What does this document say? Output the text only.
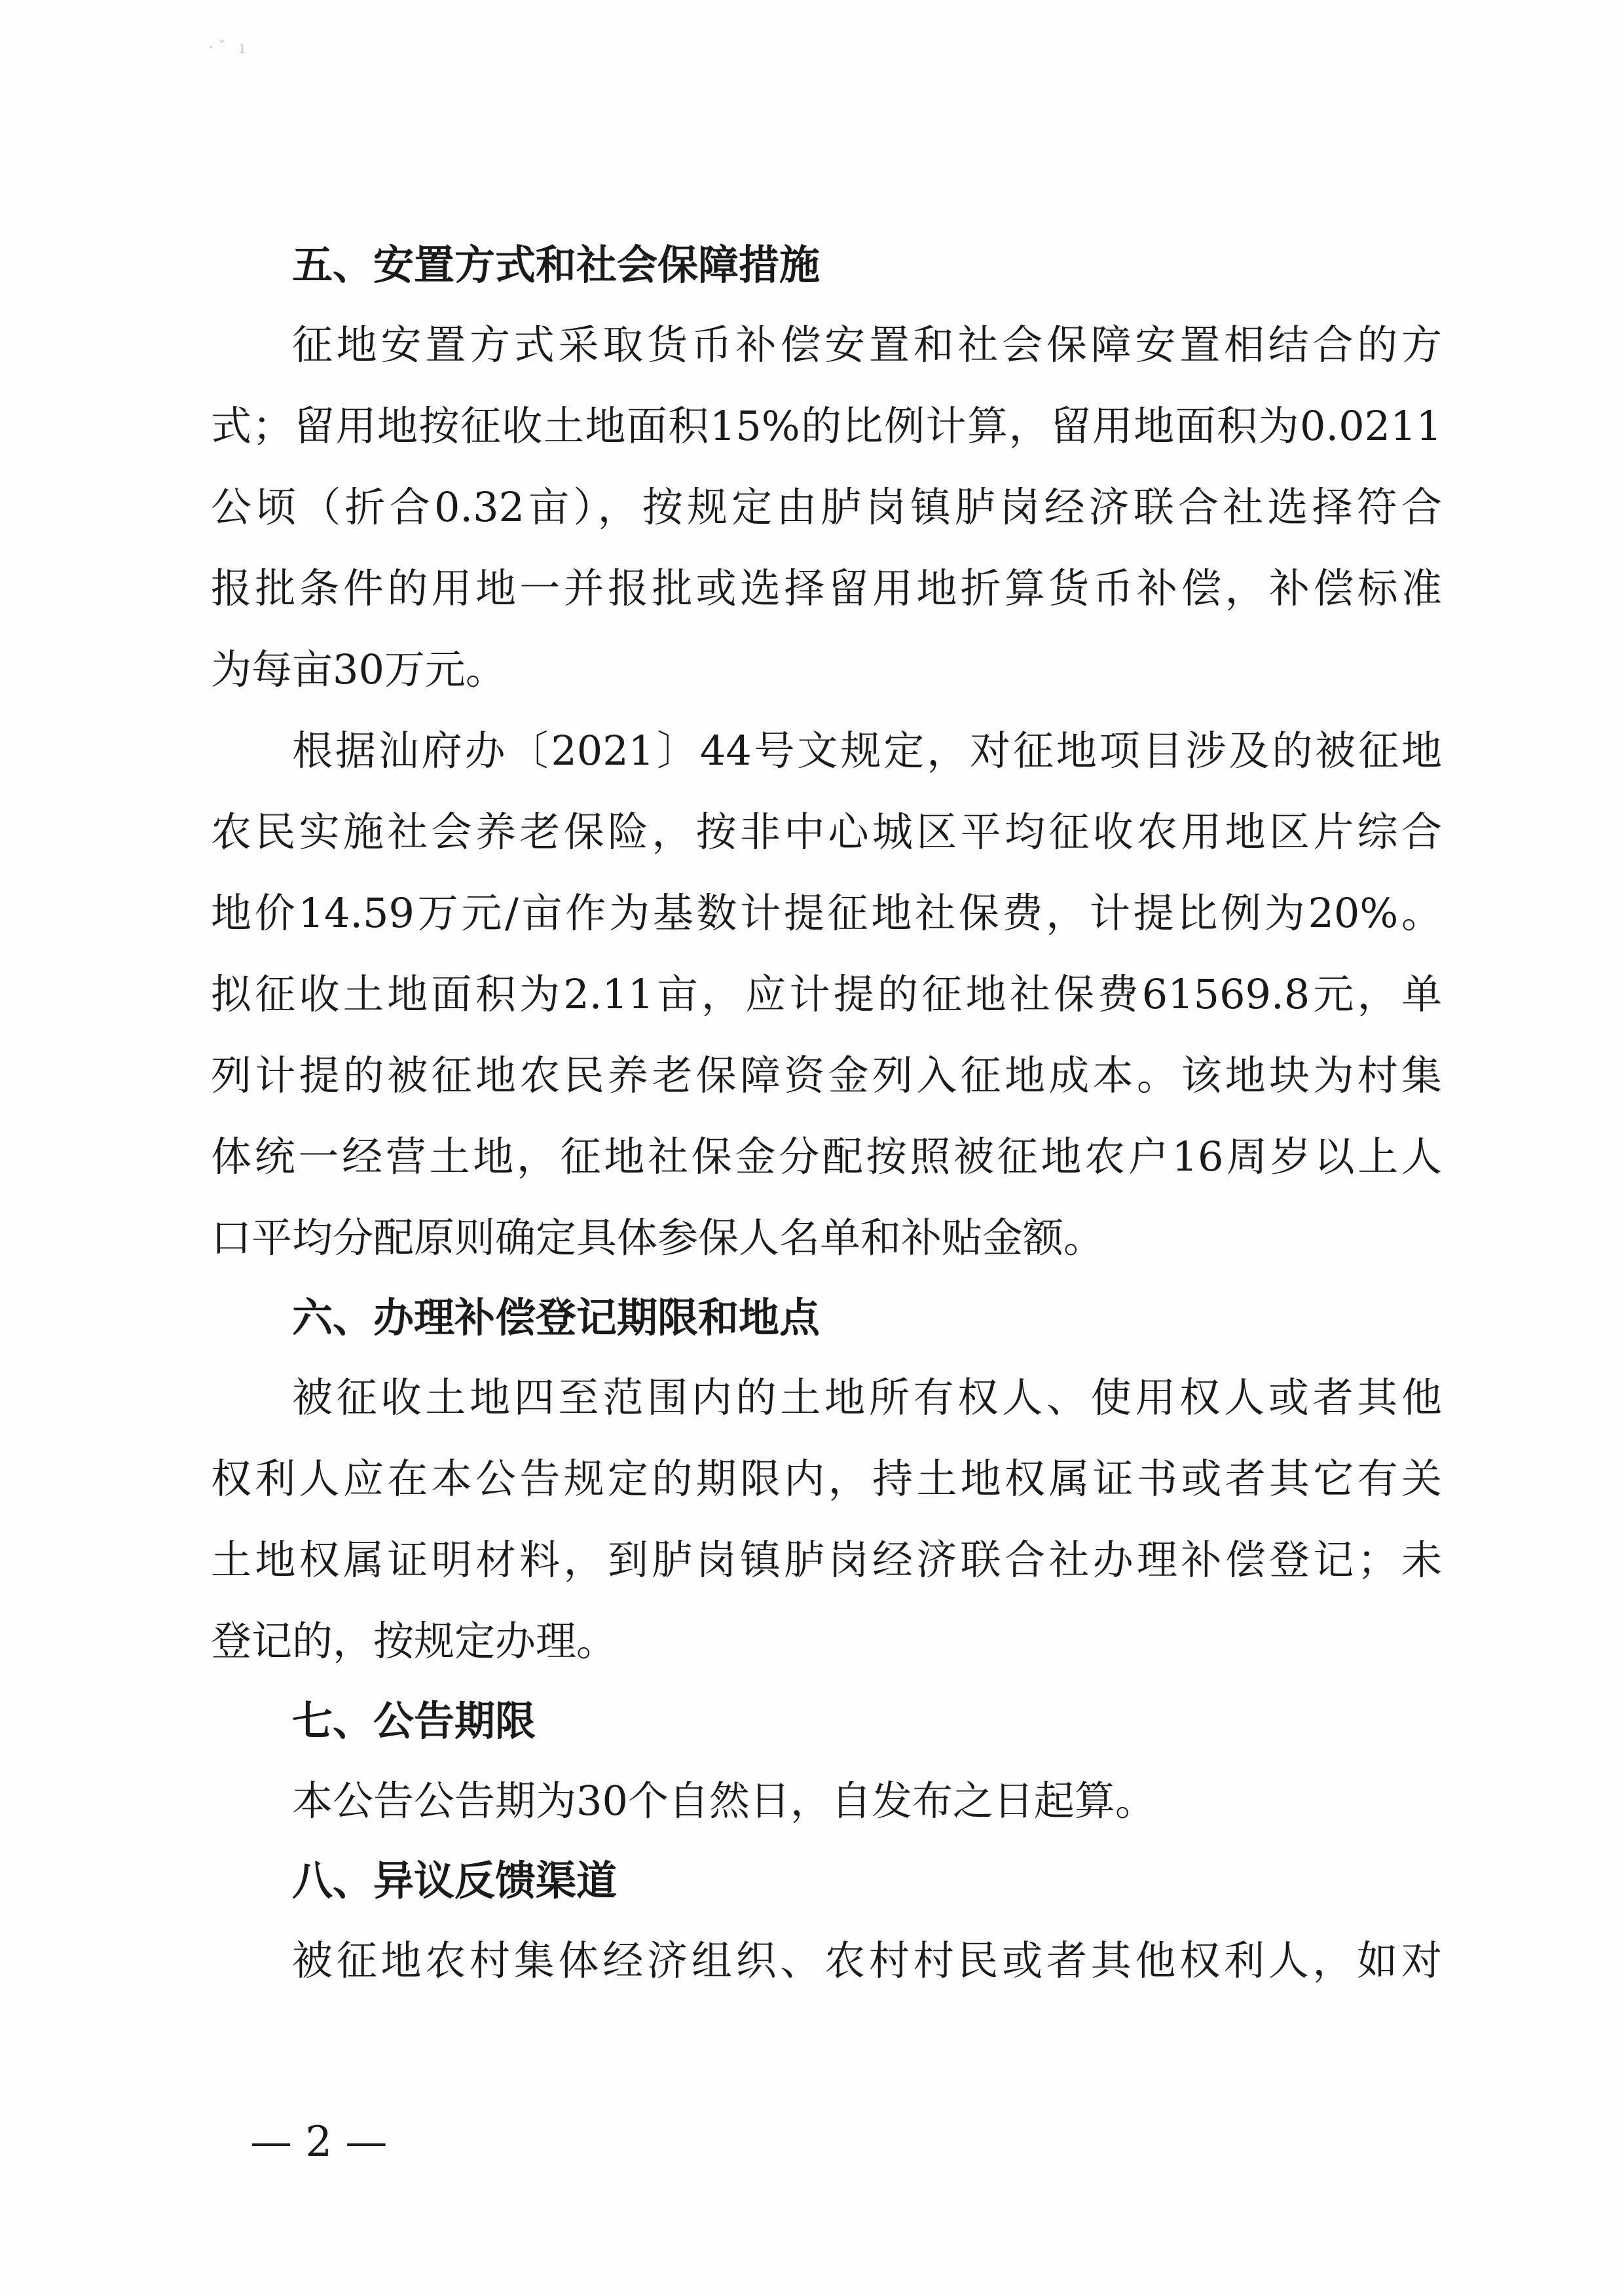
·ˇ ı
五、安置方式和社会保障措施
征地安置方式采取货币补偿安置和社会保障安置相结合的方
式；留用地按征收土地面积15%的比例计算，留用地面积为0.0211
公顷（折合0.32亩），按规定由胪岗镇胪岗经济联合社选择符合
报批条件的用地一并报批或选择留用地折算货币补偿，补偿标准
为每亩30万元。
根据汕府办〔2021〕44号文规定，对征地项目涉及的被征地
农民实施社会养老保险，按非中心城区平均征收农用地区片综合
地价14.59万元/亩作为基数计提征地社保费，计提比例为20%。
拟征收土地面积为2.11亩，应计提的征地社保费61569.8元，单
列计提的被征地农民养老保障资金列入征地成本。该地块为村集
体统一经营土地，征地社保金分配按照被征地农户16周岁以上人
口平均分配原则确定具体参保人名单和补贴金额。
六、办理补偿登记期限和地点
被征收土地四至范围内的土地所有权人、使用权人或者其他
权利人应在本公告规定的期限内，持土地权属证书或者其它有关
土地权属证明材料，到胪岗镇胪岗经济联合社办理补偿登记；未
登记的，按规定办理。
七、公告期限
本公告公告期为30个自然日，自发布之日起算。
八、异议反馈渠道
被征地农村集体经济组织、农村村民或者其他权利人，如对
— 2 —
